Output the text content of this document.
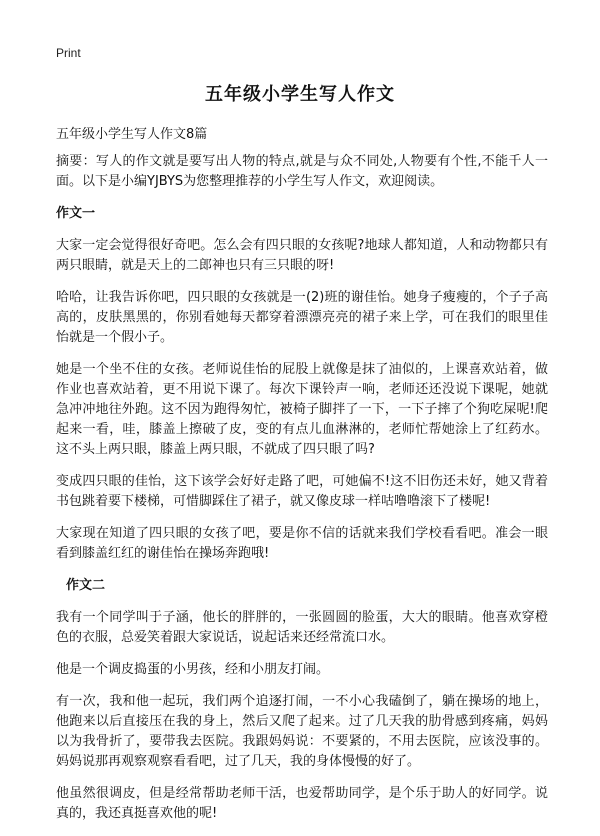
Print
五年级小学生写人作文
五年级小学生写人作文8篇

摘要：写人的作文就是要写出人物的特点,就是与众不同处,人物要有个性,不能千人一面。以下是小编YJBYS为您整理推荐的小学生写人作文，欢迎阅读。

作文一

大家一定会觉得很好奇吧。怎么会有四只眼的女孩呢?地球人都知道，人和动物都只有两只眼睛，就是天上的二郎神也只有三只眼的呀!

哈哈，让我告诉你吧，四只眼的女孩就是一(2)班的谢佳怡。她身子瘦瘦的，个子子高高的，皮肤黑黑的，你别看她每天都穿着漂漂亮亮的裙子来上学，可在我们的眼里佳怡就是一个假小子。

她是一个坐不住的女孩。老师说佳怡的屁股上就像是抹了油似的，上课喜欢站着，做作业也喜欢站着，更不用说下课了。每次下课铃声一响，老师还还没说下课呢，她就急冲冲地往外跑。这不因为跑得匆忙，被椅子脚拌了一下，一下子摔了个狗吃屎呢!爬起来一看，哇，膝盖上擦破了皮，变的有点儿血淋淋的，老师忙帮她涂上了红药水。这不头上两只眼，膝盖上两只眼，不就成了四只眼了吗?

变成四只眼的佳怡，这下该学会好好走路了吧，可她偏不!这不旧伤还未好，她又背着书包跳着要下楼梯，可惜脚踩住了裙子，就又像皮球一样咕噜噜滚下了楼呢!

大家现在知道了四只眼的女孩了吧，要是你不信的话就来我们学校看看吧。准会一眼看到膝盖红红的谢佳怡在操场奔跑哦!

作文二

我有一个同学叫于子涵，他长的胖胖的，一张圆圆的脸蛋，大大的眼睛。他喜欢穿橙色的衣服，总爱笑着跟大家说话，说起话来还经常流口水。

他是一个调皮捣蛋的小男孩，经和小朋友打闹。

有一次，我和他一起玩，我们两个追逐打闹，一不小心我磕倒了，躺在操场的地上，他跑来以后直接压在我的身上，然后又爬了起来。过了几天我的肋骨感到疼痛，妈妈以为我骨折了，要带我去医院。我跟妈妈说：不要紧的，不用去医院，应该没事的。妈妈说那再观察观察看看吧，过了几天，我的身体慢慢的好了。

他虽然很调皮，但是经常帮助老师干活，也爱帮助同学，是个乐于助人的好同学。说真的，我还真挺喜欢他的呢!
